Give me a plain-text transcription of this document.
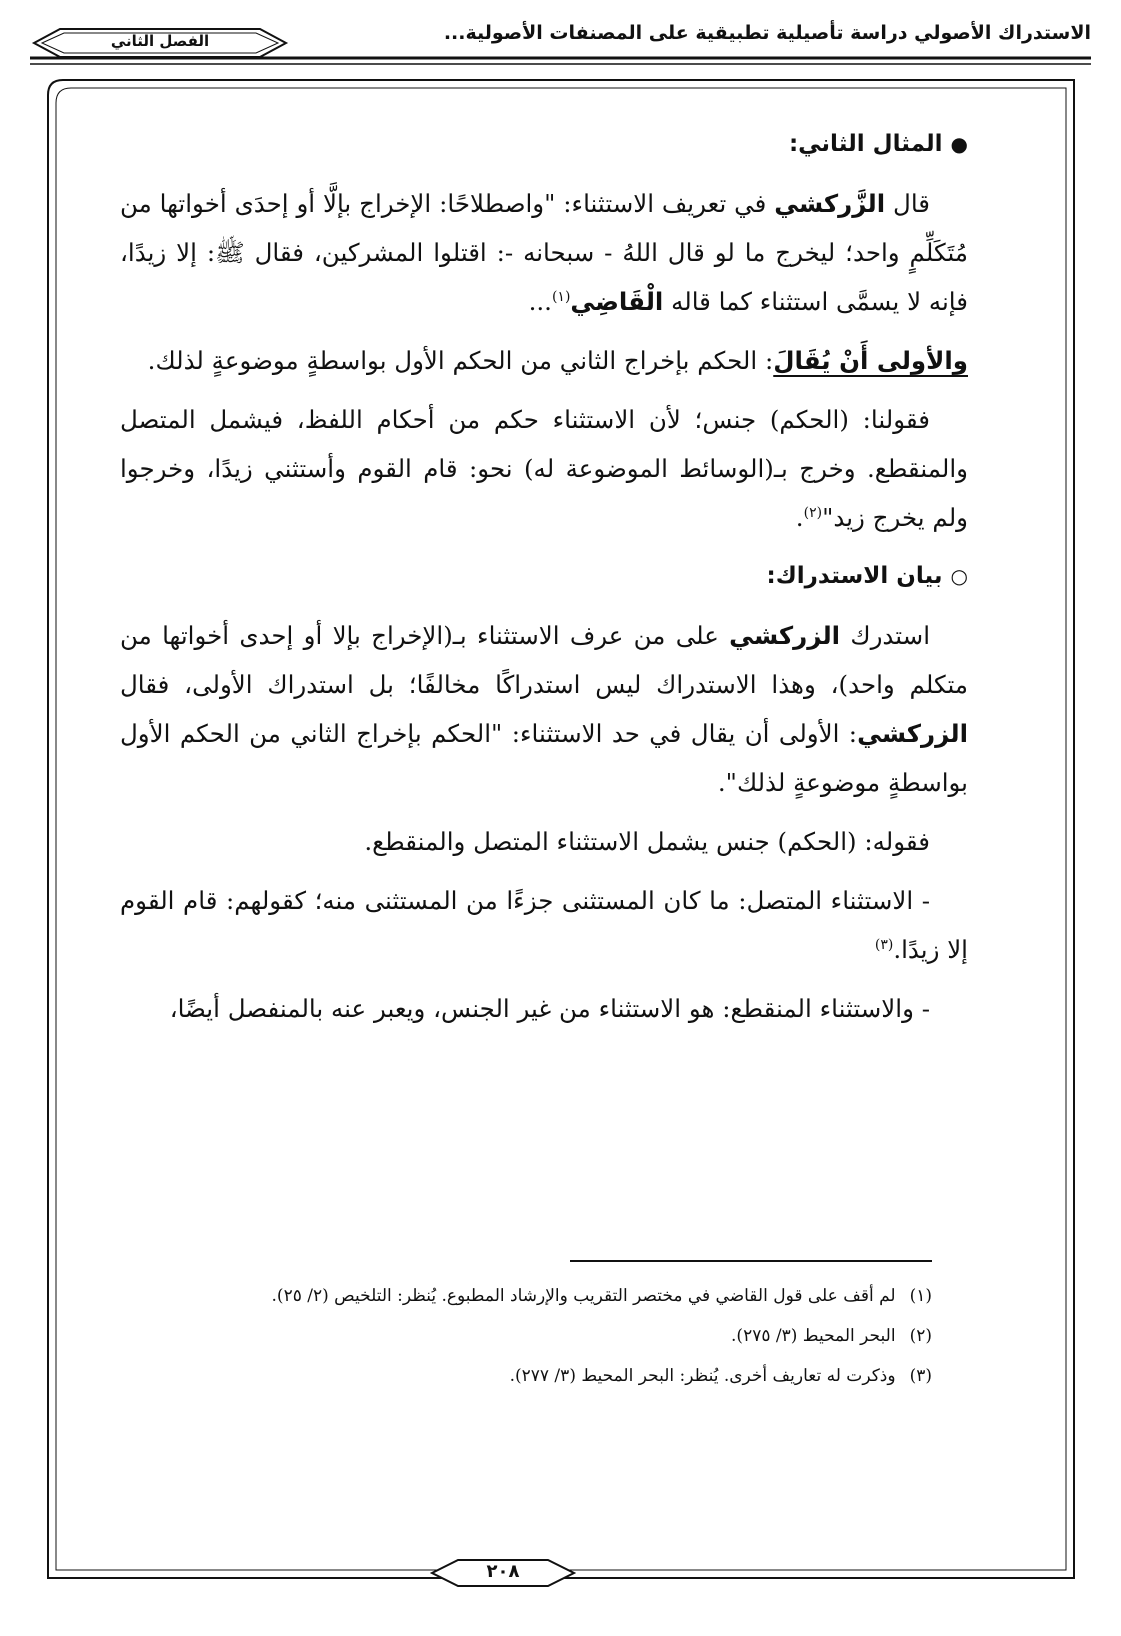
الاستدراك الأصولي دراسة تأصيلية تطبيقية على المصنفات الأصولية...
الفصل الثاني

● المثال الثاني:

قال الزَّركشي في تعريف الاستثناء: "واصطلاحًا: الإخراج بإلَّا أو إحدَى أخواتها من مُتَكَلِّمٍ واحد؛ ليخرج ما لو قال اللهُ - سبحانه -: اقتلوا المشركين، فقال ﷺ: إلا زيدًا، فإنه لا يسمَّى استثناء كما قاله الْقَاضِي$^{(١)}$...

والأولى أَنْ يُقَالَ: الحكم بإخراج الثاني من الحكم الأول بواسطةٍ موضوعةٍ لذلك.

فقولنا: (الحكم) جنس؛ لأن الاستثناء حكم من أحكام اللفظ، فيشمل المتصل والمنقطع. وخرج بـ(الوسائط الموضوعة له) نحو: قام القوم وأستثني زيدًا، وخرجوا ولم يخرج زيد"$^{(٢)}$.

○ بيان الاستدراك:

استدرك الزركشي على من عرف الاستثناء بـ(الإخراج بإلا أو إحدى أخواتها من متكلم واحد)، وهذا الاستدراك ليس استدراكًا مخالفًا؛ بل استدراك الأولى، فقال الزركشي: الأولى أن يقال في حد الاستثناء: "الحكم بإخراج الثاني من الحكم الأول بواسطةٍ موضوعةٍ لذلك".

فقوله: (الحكم) جنس يشمل الاستثناء المتصل والمنقطع.

- الاستثناء المتصل: ما كان المستثنى جزءًا من المستثنى منه؛ كقولهم: قام القوم إلا زيدًا.$^{(٣)}$

- والاستثناء المنقطع: هو الاستثناء من غير الجنس، ويعبر عنه بالمنفصل أيضًا،

(١)
لم أقف على قول القاضي في مختصر التقريب والإرشاد المطبوع. يُنظر: التلخيص (٢/ ٢٥).
(٢)
البحر المحيط (٣/ ٢٧٥).
(٣)
وذكرت له تعاريف أخرى. يُنظر: البحر المحيط (٣/ ٢٧٧).
٢٠٨
